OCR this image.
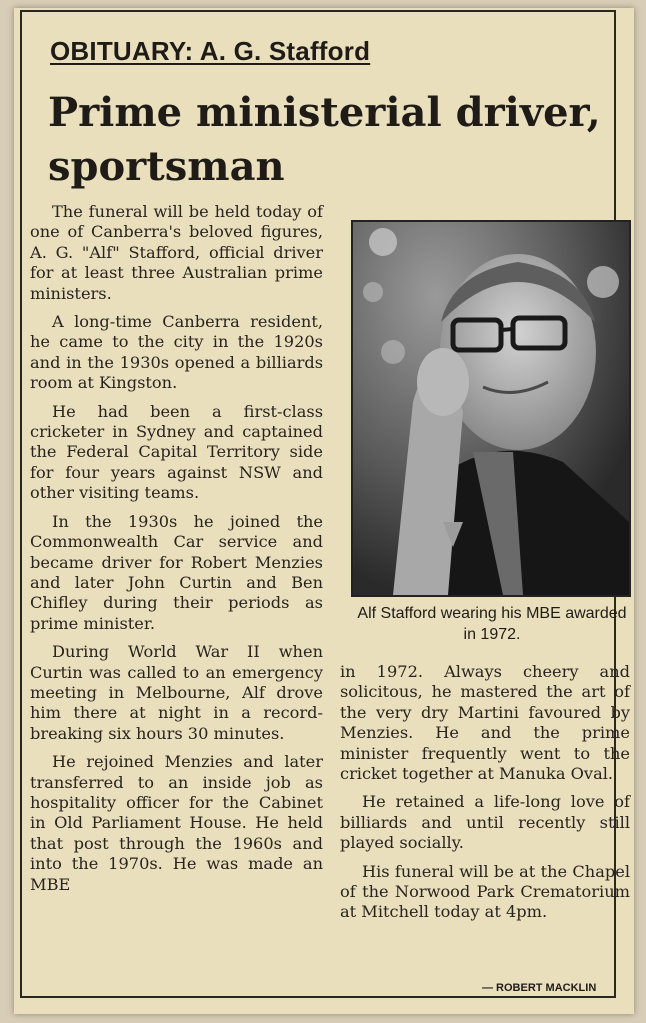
OBITUARY: A. G. Stafford
Prime ministerial driver, sportsman

The funeral will be held today of one of Canberra's beloved figures, A. G. "Alf" Stafford, official driver for at least three Australian prime ministers.

A long-time Canberra resident, he came to the city in the 1920s and in the 1930s opened a billiards room at Kingston.

He had been a first-class cricketer in Sydney and captained the Federal Capital Territory side for four years against NSW and other visiting teams.

In the 1930s he joined the Commonwealth Car service and became driver for Robert Menzies and later John Curtin and Ben Chifley during their periods as prime minister.

During World War II when Curtin was called to an emergency meeting in Melbourne, Alf drove him there at night in a record-breaking six hours 30 minutes.

He rejoined Menzies and later transferred to an inside job as hospitality officer for the Cabinet in Old Parliament House. He held that post through the 1960s and into the 1970s. He was made an MBE

Alf Stafford wearing his MBE awarded in 1972.

in 1972. Always cheery and solicitous, he mastered the art of the very dry Martini favoured by Menzies. He and the prime minister frequently went to the cricket together at Manuka Oval.

He retained a life-long love of billiards and until recently still played socially.

His funeral will be at the Chapel of the Norwood Park Crematorium at Mitchell today at 4pm.

— ROBERT MACKLIN
